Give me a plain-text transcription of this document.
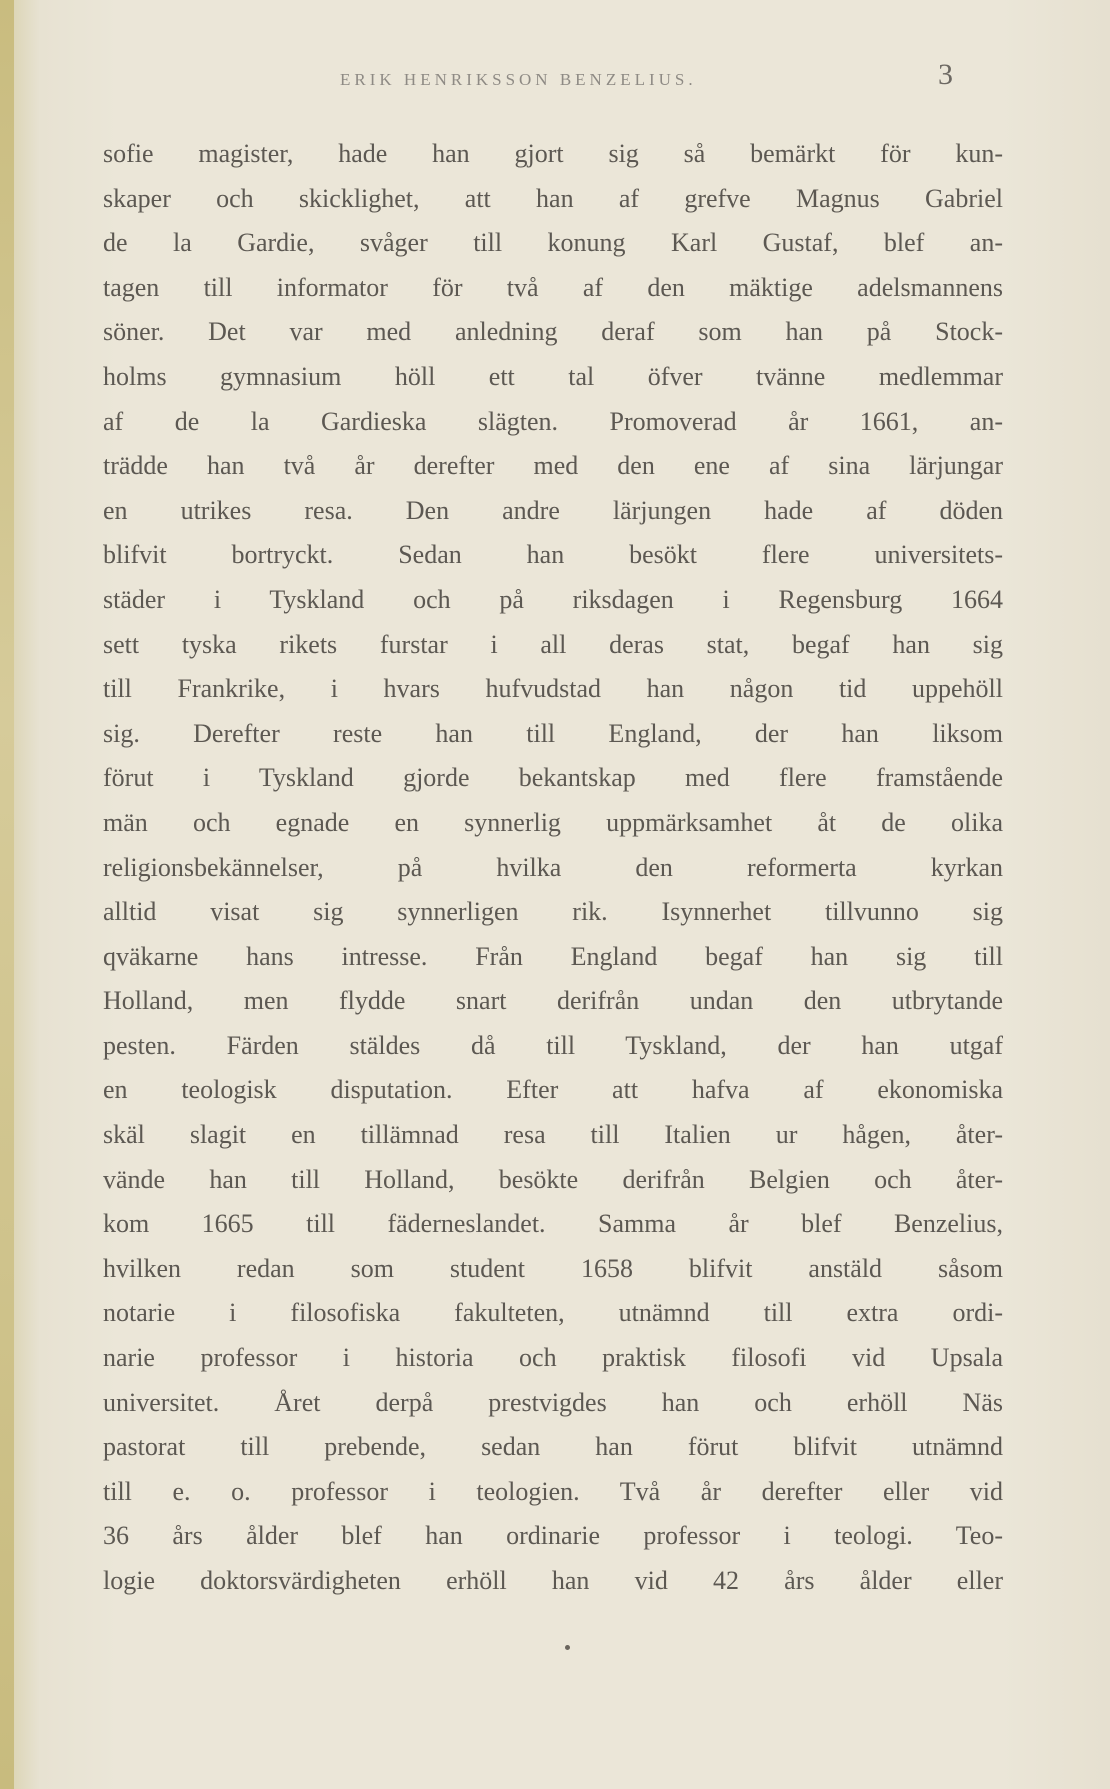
ERIK HENRIKSSON BENZELIUS.	3
sofie magister, hade han gjort sig så bemärkt för kun-
skaper och skicklighet, att han af grefve Magnus Gabriel
de la Gardie, svåger till konung Karl Gustaf, blef an-
tagen till informator för två af den mäktige adelsmannens
söner. Det var med anledning deraf som han på Stock-
holms gymnasium höll ett tal öfver tvänne medlemmar
af de la Gardieska slägten. Promoverad år 1661, an-
trädde han två år derefter med den ene af sina lärjungar
en utrikes resa. Den andre lärjungen hade af döden
blifvit bortryckt. Sedan han besökt flere universitets-
städer i Tyskland och på riksdagen i Regensburg 1664
sett tyska rikets furstar i all deras stat, begaf han sig
till Frankrike, i hvars hufvudstad han någon tid uppehöll
sig. Derefter reste han till England, der han liksom
förut i Tyskland gjorde bekantskap med flere framstående
män och egnade en synnerlig uppmärksamhet åt de olika
religionsbekännelser, på hvilka den reformerta kyrkan
alltid visat sig synnerligen rik. Isynnerhet tillvunno sig
qväkarne hans intresse. Från England begaf han sig till
Holland, men flydde snart derifrån undan den utbrytande
pesten. Färden stäldes då till Tyskland, der han utgaf
en teologisk disputation. Efter att hafva af ekonomiska
skäl slagit en tillämnad resa till Italien ur hågen, åter-
vände han till Holland, besökte derifrån Belgien och åter-
kom 1665 till fäderneslandet. Samma år blef Benzelius,
hvilken redan som student 1658 blifvit anstäld såsom
notarie i filosofiska fakulteten, utnämnd till extra ordi-
narie professor i historia och praktisk filosofi vid Upsala
universitet. Året derpå prestvigdes han och erhöll Näs
pastorat till prebende, sedan han förut blifvit utnämnd
till e. o. professor i teologien. Två år derefter eller vid
36 års ålder blef han ordinarie professor i teologi. Teo-
logie doktorsvärdigheten erhöll han vid 42 års ålder eller
